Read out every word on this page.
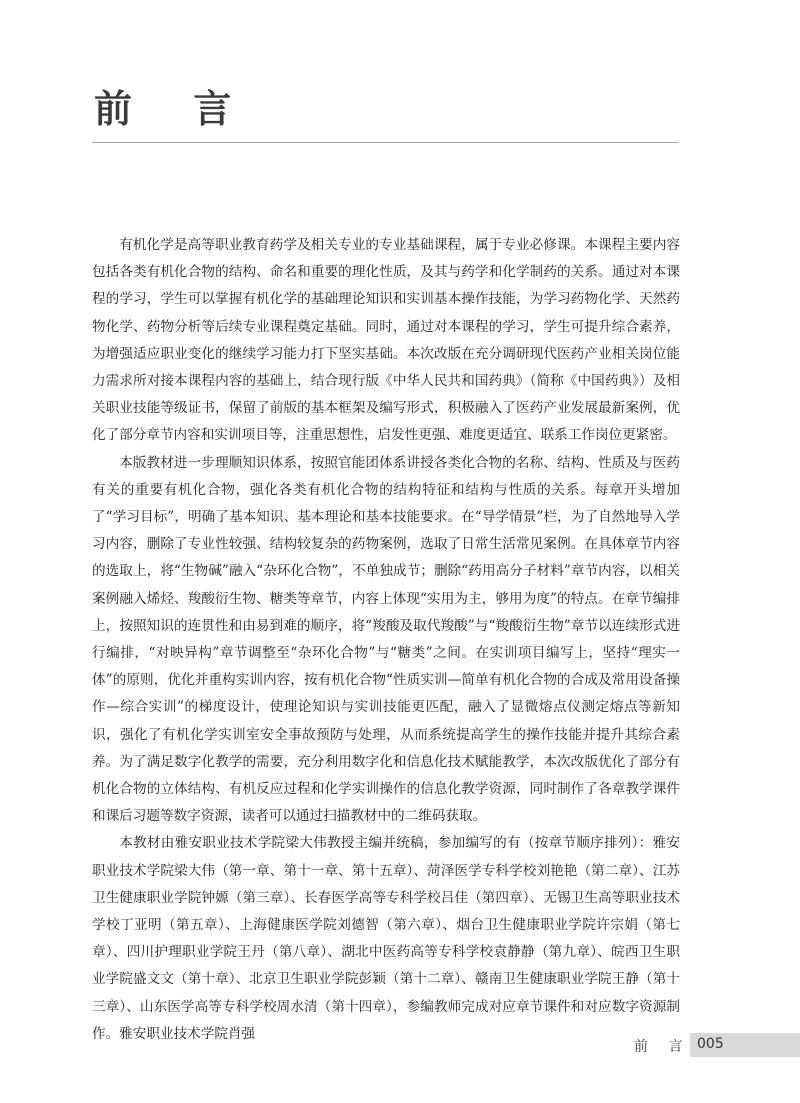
前 言

有机化学是高等职业教育药学及相关专业的专业基础课程，属于专业必修课。本课程主要内容包括各类有机化合物的结构、命名和重要的理化性质，及其与药学和化学制药的关系。通过对本课程的学习，学生可以掌握有机化学的基础理论知识和实训基本操作技能，为学习药物化学、天然药物化学、药物分析等后续专业课程奠定基础。同时，通过对本课程的学习，学生可提升综合素养，为增强适应职业变化的继续学习能力打下坚实基础。本次改版在充分调研现代医药产业相关岗位能力需求所对接本课程内容的基础上，结合现行版《中华人民共和国药典》（简称《中国药典》）及相关职业技能等级证书，保留了前版的基本框架及编写形式，积极融入了医药产业发展最新案例，优化了部分章节内容和实训项目等，注重思想性，启发性更强、难度更适宜、联系工作岗位更紧密。

本版教材进一步理顺知识体系，按照官能团体系讲授各类化合物的名称、结构、性质及与医药有关的重要有机化合物，强化各类有机化合物的结构特征和结构与性质的关系。每章开头增加了“学习目标”，明确了基本知识、基本理论和基本技能要求。在“导学情景”栏，为了自然地导入学习内容，删除了专业性较强、结构较复杂的药物案例，选取了日常生活常见案例。在具体章节内容的选取上，将“生物碱”融入“杂环化合物”，不单独成节；删除“药用高分子材料”章节内容，以相关案例融入烯烃、羧酸衍生物、糖类等章节，内容上体现“实用为主，够用为度”的特点。在章节编排上，按照知识的连贯性和由易到难的顺序，将“羧酸及取代羧酸”与“羧酸衍生物”章节以连续形式进行编排，“对映异构”章节调整至“杂环化合物”与“糖类”之间。在实训项目编写上，坚持“理实一体”的原则，优化并重构实训内容，按有机化合物“性质实训—简单有机化合物的合成及常用设备操作—综合实训”的梯度设计，使理论知识与实训技能更匹配，融入了显微熔点仪测定熔点等新知识，强化了有机化学实训室安全事故预防与处理，从而系统提高学生的操作技能并提升其综合素养。为了满足数字化教学的需要，充分利用数字化和信息化技术赋能教学，本次改版优化了部分有机化合物的立体结构、有机反应过程和化学实训操作的信息化教学资源，同时制作了各章教学课件和课后习题等数字资源，读者可以通过扫描教材中的二维码获取。

本教材由雅安职业技术学院梁大伟教授主编并统稿，参加编写的有（按章节顺序排列）：雅安职业技术学院梁大伟（第一章、第十一章、第十五章）、菏泽医学专科学校刘艳艳（第二章）、江苏卫生健康职业学院钟嫄（第三章）、长春医学高等专科学校吕佳（第四章）、无锡卫生高等职业技术学校丁亚明（第五章）、上海健康医学院刘德智（第六章）、烟台卫生健康职业学院许宗娟（第七章）、四川护理职业学院王丹（第八章）、湖北中医药高等专科学校袁静静（第九章）、皖西卫生职业学院盛文文（第十章）、北京卫生职业学院彭颖（第十二章）、赣南卫生健康职业学院王静（第十三章）、山东医学高等专科学校周水清（第十四章），参编教师完成对应章节课件和对应数字资源制作。雅安职业技术学院肖强

前 言 005
